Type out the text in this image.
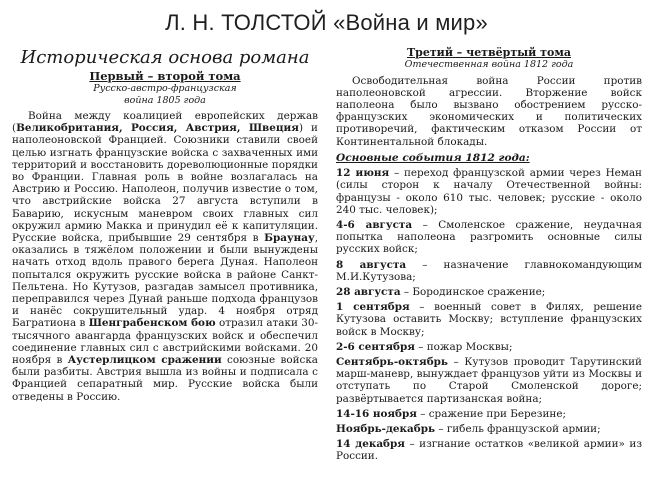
Л. Н. ТОЛСТОЙ «Война и мир»
Историческая основа романа
Первый – второй тома
Русско-австро-французская
война 1805 года
Война между коалицией европейских держав (Великобритания, Россия, Австрия, Швеция) и наполеоновской Францией. Союзники ставили своей целью изгнать французские войска с захваченных ими территорий и восстановить дореволюционные порядки во Франции. Главная роль в войне возлагалась на Австрию и Россию. Наполеон, получив известие о том, что австрийские войска 27 августа вступили в Баварию, искусным маневром своих главных сил окружил армию Макка и принудил её к капитуляции. Русские войска, прибывшие 29 сентября в Браунау, оказались в тяжёлом положении и были вынуждены начать отход вдоль правого берега Дуная. Наполеон попытался окружить русские войска в районе Санкт-Пельтена. Но Кутузов, разгадав замысел противника, переправился через Дунай раньше подхода французов и нанёс сокрушительный удар. 4 ноября отряд Багратиона в Шенграбенском бою отразил атаки 30-тысячного авангарда французских войск и обеспечил соединение главных сил с австрийскими войсками. 20 ноября в Аустерлицком сражении союзные войска были разбиты. Австрия вышла из войны и подписала с Францией сепаратный мир. Русские войска были отведены в Россию.
Третий – четвёртый тома
Отечественная война 1812 года
Освободительная война России против наполеоновской агрессии. Вторжение войск наполеона было вызвано обострением русско-французских экономических и политических противоречий, фактическим отказом России от Континентальной блокады.
Основные события 1812 года:
12 июня – переход французской армии через Неман (силы сторон к началу Отечественной войны: французы - около 610 тыс. человек; русские - около 240 тыс. человек);
4-6 августа – Смоленское сражение, неудачная попытка наполеона разгромить основные силы русских войск;
8 августа – назначение главнокомандующим М.И.Кутузова;
28 августа – Бородинское сражение;
1 сентября – военный совет в Филях, решение Кутузова оставить Москву; вступление французских войск в Москву;
2-6 сентября – пожар Москвы;
Сентябрь-октябрь – Кутузов проводит Тарутинский марш-маневр, вынуждает французов уйти из Москвы и отступать по Старой Смоленской дороге; развёртывается партизанская война;
14-16 ноября – сражение при Березине;
Ноябрь-декабрь – гибель французской армии;
14 декабря – изгнание остатков «великой армии» из России.
